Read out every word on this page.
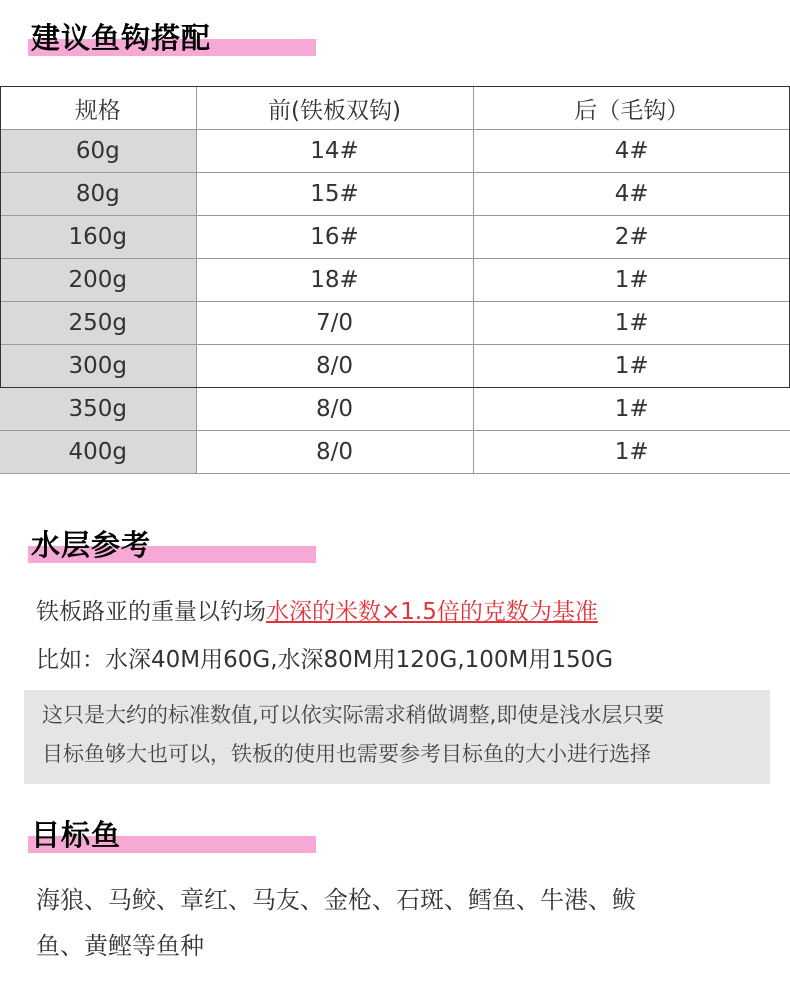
建议鱼钩搭配
规格	前(铁板双钩)	后（毛钩）
60g	14#	4#
80g	15#	4#
160g	16#	2#
200g	18#	1#
250g	7/0	1#
300g	8/0	1#
350g	8/0	1#
400g	8/0	1#
水层参考
铁板路亚的重量以钓场水深的米数×1.5倍的克数为基准
比如：水深40M用60G,水深80M用120G,100M用150G
这只是大约的标准数值,可以依实际需求稍做调整,即使是浅水层只要
目标鱼够大也可以，铁板的使用也需要参考目标鱼的大小进行选择
目标鱼
海狼、马鲛、章红、马友、金枪、石斑、鳕鱼、牛港、鲅
鱼、黄鲣等鱼种
